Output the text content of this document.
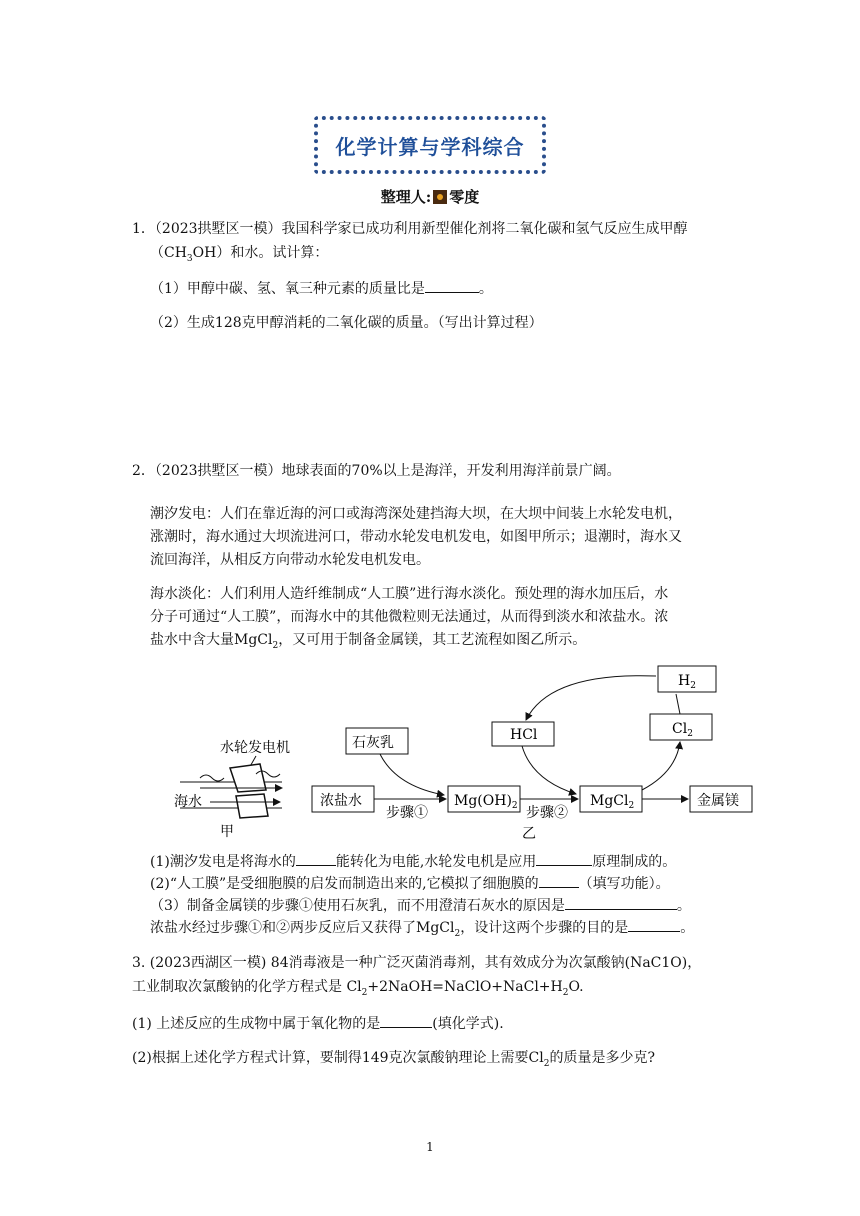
化学计算与学科综合
整理人: 零度
1．（2023拱墅区一模）我国科学家已成功利用新型催化剂将二氧化碳和氢气反应生成甲醇
$(CH_3OH)$和水。试计算：
（1）甲醇中碳、氢、氧三种元素的质量比是	。
（2）生成128克甲醇消耗的二氧化碳的质量。（写出计算过程）
2．（2023拱墅区一模）地球表面的70%以上是海洋，开发利用海洋前景广阔。
潮汐发电：人们在靠近海的河口或海湾深处建挡海大坝，在大坝中间装上水轮发电机，
涨潮时，海水通过大坝流进河口，带动水轮发电机发电，如图甲所示；退潮时，海水又
流回海洋，从相反方向带动水轮发电机发电。
海水淡化：人们利用人造纤维制成“人工膜”进行海水淡化。预处理的海水加压后，水
分子可通过“人工膜”，而海水中的其他微粒则无法通过，从而得到淡水和浓盐水。浓
盐水中含大量MgCl$_2$，又可用于制备金属镁，其工艺流程如图乙所示。
水轮发电机
海水
甲
浓盐水
石灰乳
$Mg(OH)_2$
HCl
MgCl$_2$
$Cl_2$
$H_2$
金属镁
步骤①	步骤②
乙
(1)潮汐发电是将海水的	能转化为电能,水轮发电机是应用	原理制成的。
(2)“人工膜”是受细胞膜的启发而制造出来的,它模拟了细胞膜的	（填写功能）。
（3）制备金属镁的步骤①使用石灰乳，而不用澄清石灰水的原因是	。
浓盐水经过步骤①和②两步反应后又获得了MgCl$_2$，设计这两个步骤的目的是	。
3. (2023西湖区一模) 84消毒液是一种广泛灭菌消毒剂，其有效成分为次氯酸钠(NaC1O)，
工业制取次氯酸钠的化学方程式是 $Cl_2+2NaOH=NaClO+NaCl+H_2O$.
(1) 上述反应的生成物中属于氧化物的是	(填化学式).
(2)根据上述化学方程式计算，要制得149克次氯酸钠理论上需要$Cl_2$的质量是多少克?
1
